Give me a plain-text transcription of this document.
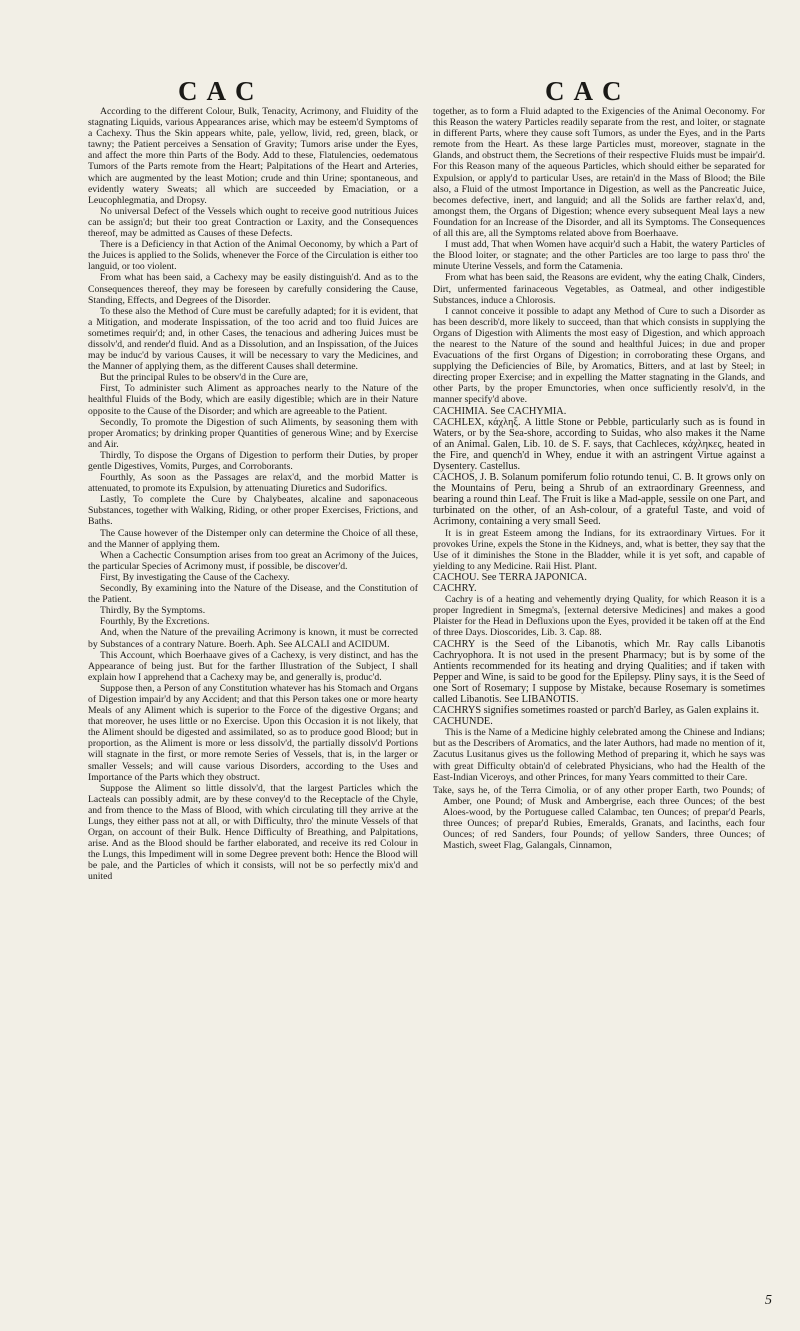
CAC	CAC

According to the different Colour, Bulk, Tenacity, Acrimony, and Fluidity of the stagnating Liquids, various Appearances arise, which may be esteem'd Symptoms of a Cachexy. Thus the Skin appears white, pale, yellow, livid, red, green, black, or tawny; the Patient perceives a Sensation of Gravity; Tumors arise under the Eyes, and affect the more thin Parts of the Body. Add to these, Flatulencies, oedematous Tumors of the Parts remote from the Heart; Palpitations of the Heart and Arteries, which are augmented by the least Motion; crude and thin Urine; spontaneous, and evidently watery Sweats; all which are succeeded by Emaciation, or a Leucophlegmatia, and Dropsy.

No universal Defect of the Vessels which ought to receive good nutritious Juices can be assign'd; but their too great Contraction or Laxity, and the Consequences thereof, may be admitted as Causes of these Defects.

There is a Deficiency in that Action of the Animal Oeconomy, by which a Part of the Juices is applied to the Solids, whenever the Force of the Circulation is either too languid, or too violent.

From what has been said, a Cachexy may be easily distinguish'd. And as to the Consequences thereof, they may be foreseen by carefully considering the Cause, Standing, Effects, and Degrees of the Disorder.

To these also the Method of Cure must be carefully adapted; for it is evident, that a Mitigation, and moderate Inspissation, of the too acrid and too fluid Juices are sometimes requir'd; and, in other Cases, the tenacious and adhering Juices must be dissolv'd, and render'd fluid. And as a Dissolution, and an Inspissation, of the Juices may be induc'd by various Causes, it will be necessary to vary the Medicines, and the Manner of applying them, as the different Causes shall determine.

But the principal Rules to be observ'd in the Cure are,

First, To administer such Aliment as approaches nearly to the Nature of the healthful Fluids of the Body, which are easily digestible; which are in their Nature opposite to the Cause of the Disorder; and which are agreeable to the Patient.

Secondly, To promote the Digestion of such Aliments, by seasoning them with proper Aromatics; by drinking proper Quantities of generous Wine; and by Exercise and Air.

Thirdly, To dispose the Organs of Digestion to perform their Duties, by proper gentle Digestives, Vomits, Purges, and Corroborants.

Fourthly, As soon as the Passages are relax'd, and the morbid Matter is attenuated, to promote its Expulsion, by attenuating Diuretics and Sudorifics.

Lastly, To complete the Cure by Chalybeates, alcaline and saponaceous Substances, together with Walking, Riding, or other proper Exercises, Frictions, and Baths.

The Cause however of the Distemper only can determine the Choice of all these, and the Manner of applying them.

When a Cachectic Consumption arises from too great an Acrimony of the Juices, the particular Species of Acrimony must, if possible, be discover'd.

First, By investigating the Cause of the Cachexy.

Secondly, By examining into the Nature of the Disease, and the Constitution of the Patient.

Thirdly, By the Symptoms.

Fourthly, By the Excretions.

And, when the Nature of the prevailing Acrimony is known, it must be corrected by Substances of a contrary Nature. Boerh. Aph. See ALCALI and ACIDUM.

This Account, which Boerhaave gives of a Cachexy, is very distinct, and has the Appearance of being just. But for the farther Illustration of the Subject, I shall explain how I apprehend that a Cachexy may be, and generally is, produc'd.

Suppose then, a Person of any Constitution whatever has his Stomach and Organs of Digestion impair'd by any Accident; and that this Person takes one or more hearty Meals of any Aliment which is superior to the Force of the digestive Organs; and that moreover, he uses little or no Exercise. Upon this Occasion it is not likely, that the Aliment should be digested and assimilated, so as to produce good Blood; but in proportion, as the Aliment is more or less dissolv'd, the partially dissolv'd Portions will stagnate in the first, or more remote Series of Vessels, that is, in the larger or smaller Vessels; and will cause various Disorders, according to the Uses and Importance of the Parts which they obstruct.

Suppose the Aliment so little dissolv'd, that the largest Particles which the Lacteals can possibly admit, are by these convey'd to the Receptacle of the Chyle, and from thence to the Mass of Blood, with which circulating till they arrive at the Lungs, they either pass not at all, or with Difficulty, thro' the minute Vessels of that Organ, on account of their Bulk. Hence Difficulty of Breathing, and Palpitations, arise. And as the Blood should be farther elaborated, and receive its red Colour in the Lungs, this Impediment will in some Degree prevent both: Hence the Blood will be pale, and the Particles of which it consists, will not be so perfectly mix'd and united

together, as to form a Fluid adapted to the Exigencies of the Animal Oeconomy. For this Reason the watery Particles readily separate from the rest, and loiter, or stagnate in different Parts, where they cause soft Tumors, as under the Eyes, and in the Parts remote from the Heart. As these large Particles must, moreover, stagnate in the Glands, and obstruct them, the Secretions of their respective Fluids must be impair'd. For this Reason many of the aqueous Particles, which should either be separated for Expulsion, or apply'd to particular Uses, are retain'd in the Mass of Blood; the Bile also, a Fluid of the utmost Importance in Digestion, as well as the Pancreatic Juice, becomes defective, inert, and languid; and all the Solids are farther relax'd, and, amongst them, the Organs of Digestion; whence every subsequent Meal lays a new Foundation for an Increase of the Disorder, and all its Symptoms. The Consequences of all this are, all the Symptoms related above from Boerhaave.

I must add, That when Women have acquir'd such a Habit, the watery Particles of the Blood loiter, or stagnate; and the other Particles are too large to pass thro' the minute Uterine Vessels, and form the Catamenia.

From what has been said, the Reasons are evident, why the eating Chalk, Cinders, Dirt, unfermented farinaceous Vegetables, as Oatmeal, and other indigestible Substances, induce a Chlorosis.

I cannot conceive it possible to adapt any Method of Cure to such a Disorder as has been describ'd, more likely to succeed, than that which consists in supplying the Organs of Digestion with Aliments the most easy of Digestion, and which approach the nearest to the Nature of the sound and healthful Juices; in due and proper Evacuations of the first Organs of Digestion; in corroborating these Organs, and supplying the Deficiencies of Bile, by Aromatics, Bitters, and at last by Steel; in directing proper Exercise; and in expelling the Matter stagnating in the Glands, and other Parts, by the proper Emunctories, when once sufficiently resolv'd, in the manner specify'd above.

CACHIMIA. See CACHYMIA.

CACHLEX, κάχληξ. A little Stone or Pebble, particularly such as is found in Waters, or by the Sea-shore, according to Suidas, who also makes it the Name of an Animal. Galen, Lib. 10. de S. F. says, that Cachleces, κάχληκες, heated in the Fire, and quench'd in Whey, endue it with an astringent Virtue against a Dysentery. Castellus.

CACHOS, J. B. Solanum pomiferum folio rotundo tenui, C. B. It grows only on the Mountains of Peru, being a Shrub of an extraordinary Greenness, and bearing a round thin Leaf. The Fruit is like a Mad-apple, sessile on one Part, and turbinated on the other, of an Ash-colour, of a grateful Taste, and void of Acrimony, containing a very small Seed.

It is in great Esteem among the Indians, for its extraordinary Virtues. For it provokes Urine, expels the Stone in the Kidneys, and, what is better, they say that the Use of it diminishes the Stone in the Bladder, while it is yet soft, and capable of yielding to any Medicine. Raii Hist. Plant.

CACHOU. See TERRA JAPONICA.

CACHRY.

Cachry is of a heating and vehemently drying Quality, for which Reason it is a proper Ingredient in Smegma's, [external detersive Medicines] and makes a good Plaister for the Head in Defluxions upon the Eyes, provided it be taken off at the End of three Days. Dioscorides, Lib. 3. Cap. 88.

CACHRY is the Seed of the Libanotis, which Mr. Ray calls Libanotis Cachryophora. It is not used in the present Pharmacy; but is by some of the Antients recommended for its heating and drying Qualities; and if taken with Pepper and Wine, is said to be good for the Epilepsy. Pliny says, it is the Seed of one Sort of Rosemary; I suppose by Mistake, because Rosemary is sometimes called Libanotis. See LIBANOTIS.

CACHRYS signifies sometimes roasted or parch'd Barley, as Galen explains it.

CACHUNDE.

This is the Name of a Medicine highly celebrated among the Chinese and Indians; but as the Describers of Aromatics, and the later Authors, had made no mention of it, Zacutus Lusitanus gives us the following Method of preparing it, which he says was with great Difficulty obtain'd of celebrated Physicians, who had the Health of the East-Indian Viceroys, and other Princes, for many Years committed to their Care.

Take, says he, of the Terra Cimolia, or of any other proper Earth, two Pounds; of Amber, one Pound; of Musk and Ambergrise, each three Ounces; of the best Aloes-wood, by the Portuguese called Calambac, ten Ounces; of prepar'd Pearls, three Ounces; of prepar'd Rubies, Emeralds, Granats, and Iacinths, each four Ounces; of red Sanders, four Pounds; of yellow Sanders, three Ounces; of Mastich, sweet Flag, Galangals, Cinnamon,

5
